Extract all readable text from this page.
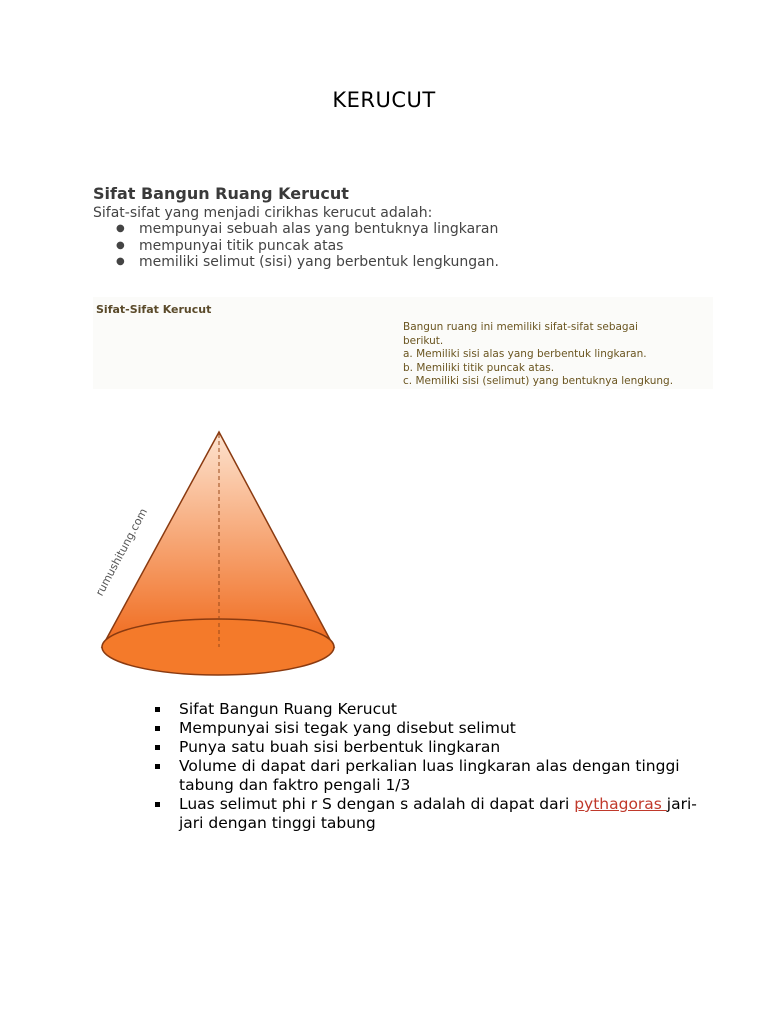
KERUCUT
Sifat Bangun Ruang Kerucut
Sifat-sifat yang menjadi cirikhas kerucut adalah:
● mempunyai sebuah alas yang bentuknya lingkaran
● mempunyai titik puncak atas
● memiliki selimut (sisi) yang berbentuk lengkungan.
Sifat-Sifat Kerucut
Bangun ruang ini memiliki sifat-sifat sebagai
berikut.
a. Memiliki sisi alas yang berbentuk lingkaran.
b. Memiliki titik puncak atas.
c. Memiliki sisi (selimut) yang bentuknya lengkung.
rumushitung.com
Sifat Bangun Ruang Kerucut
Mempunyai sisi tegak yang disebut selimut
Punya satu buah sisi berbentuk lingkaran
Volume di dapat dari perkalian luas lingkaran alas dengan tinggi tabung dan faktro pengali 1/3
Luas selimut phi r S dengan s adalah di dapat dari pythagoras jari-jari dengan tinggi tabung
